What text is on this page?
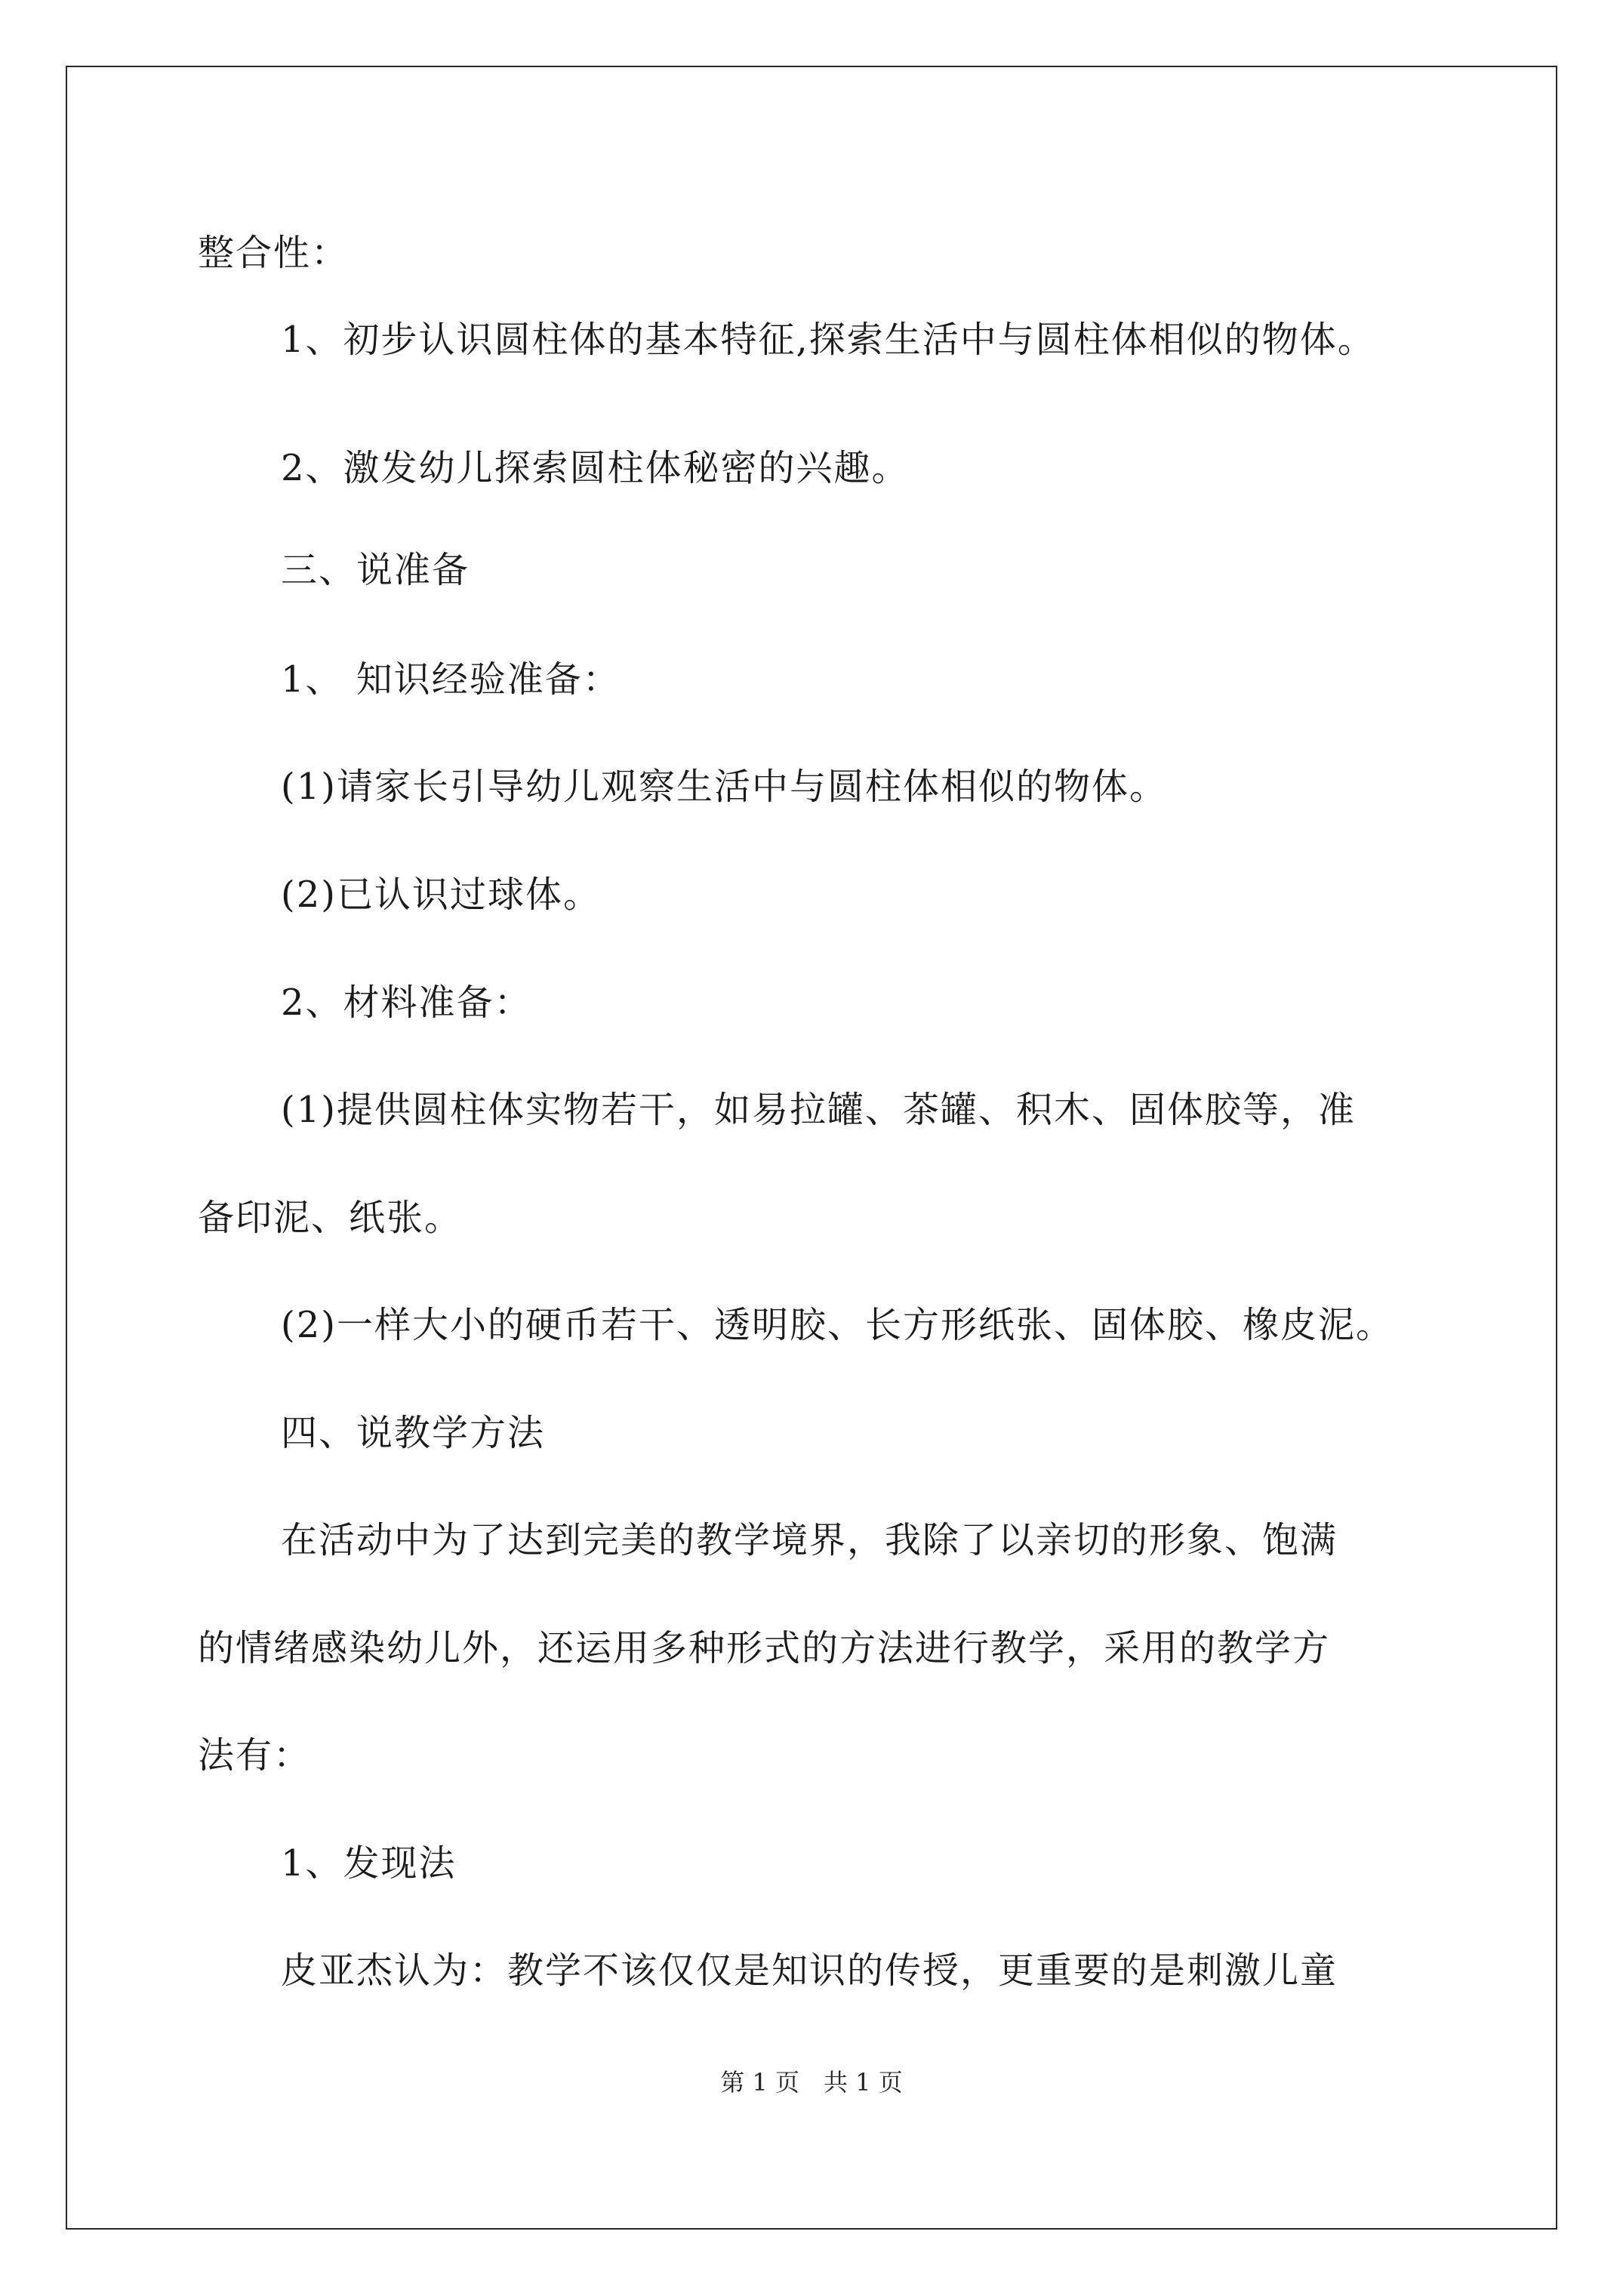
整合性：
1、初步认识圆柱体的基本特征,探索生活中与圆柱体相似的物体。
2、激发幼儿探索圆柱体秘密的兴趣。
三、说准备
1、 知识经验准备：
(1)请家长引导幼儿观察生活中与圆柱体相似的物体。
(2)已认识过球体。
2、材料准备：
(1)提供圆柱体实物若干，如易拉罐、茶罐、积木、固体胶等，准
备印泥、纸张。
(2)一样大小的硬币若干、透明胶、长方形纸张、固体胶、橡皮泥。
四、说教学方法
在活动中为了达到完美的教学境界，我除了以亲切的形象、饱满
的情绪感染幼儿外，还运用多种形式的方法进行教学，采用的教学方
法有：
1、发现法
皮亚杰认为：教学不该仅仅是知识的传授，更重要的是刺激儿童
第 1 页　共 1 页
